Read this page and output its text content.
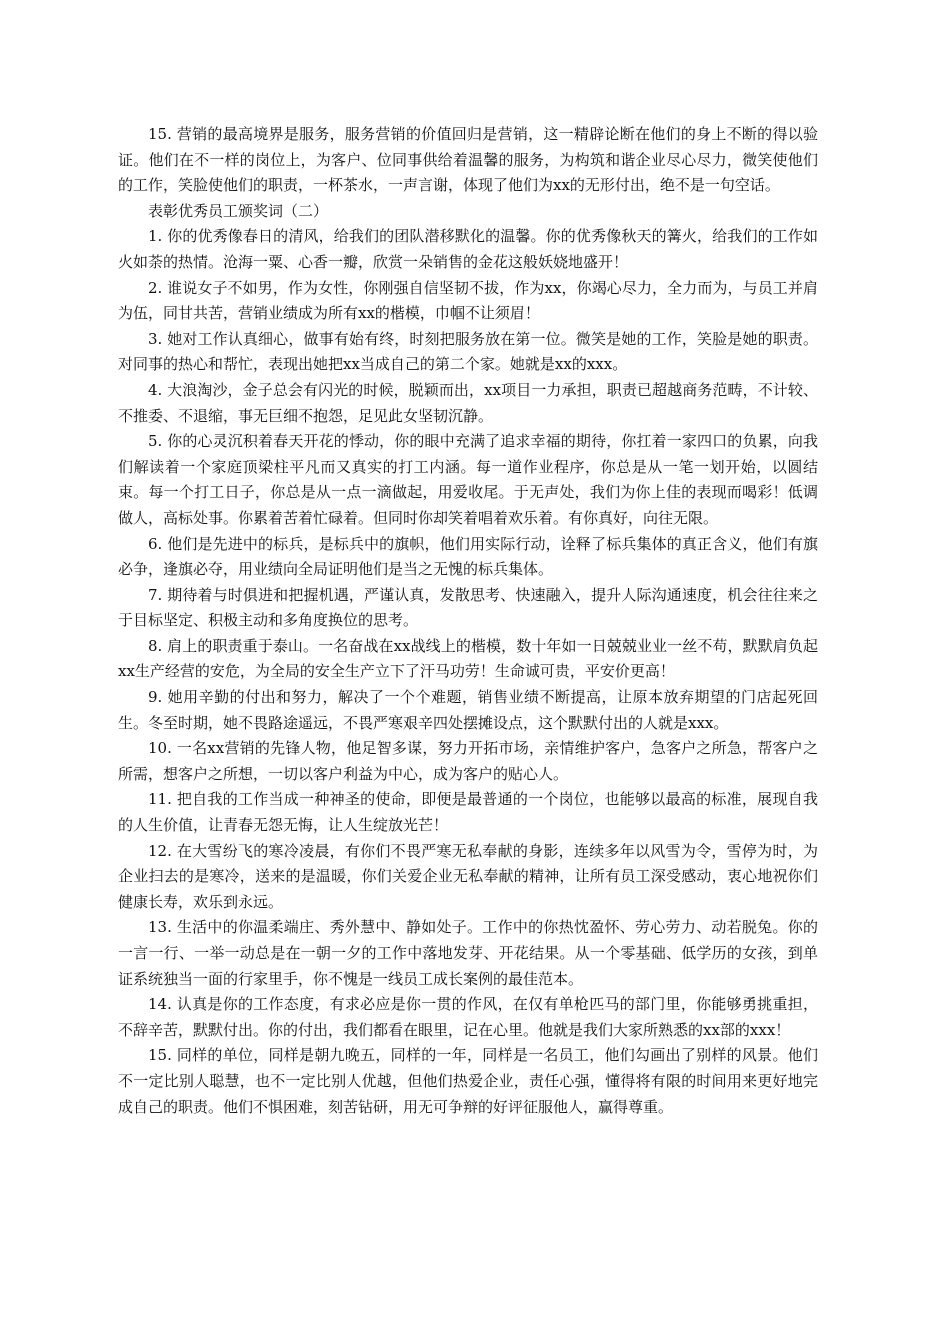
15. 营销的最高境界是服务，服务营销的价值回归是营销，这一精辟论断在他们的身上不断的得以验证。他们在不一样的岗位上，为客户、位同事供给着温馨的服务，为构筑和谐企业尽心尽力，微笑使他们的工作，笑脸使他们的职责，一杯茶水，一声言谢，体现了他们为xx的无形付出，绝不是一句空话。

表彰优秀员工颁奖词（二）

1. 你的优秀像春日的清风，给我们的团队潜移默化的温馨。你的优秀像秋天的篝火，给我们的工作如火如荼的热情。沧海一粟、心香一瓣，欣赏一朵销售的金花这般妖娆地盛开！

2. 谁说女子不如男，作为女性，你刚强自信坚韧不拔，作为xx，你竭心尽力，全力而为，与员工并肩为伍，同甘共苦，营销业绩成为所有xx的楷模，巾帼不让须眉！

3. 她对工作认真细心，做事有始有终，时刻把服务放在第一位。微笑是她的工作，笑脸是她的职责。对同事的热心和帮忙，表现出她把xx当成自己的第二个家。她就是xx的xxx。

4. 大浪淘沙，金子总会有闪光的时候，脱颖而出，xx项目一力承担，职责已超越商务范畴，不计较、不推委、不退缩，事无巨细不抱怨，足见此女坚韧沉静。

5. 你的心灵沉积着春天开花的悸动，你的眼中充满了追求幸福的期待，你扛着一家四口的负累，向我们解读着一个家庭顶梁柱平凡而又真实的打工内涵。每一道作业程序，你总是从一笔一划开始，以圆结束。每一个打工日子，你总是从一点一滴做起，用爱收尾。于无声处，我们为你上佳的表现而喝彩！低调做人，高标处事。你累着苦着忙碌着。但同时你却笑着唱着欢乐着。有你真好，向往无限。

6. 他们是先进中的标兵，是标兵中的旗帜，他们用实际行动，诠释了标兵集体的真正含义，他们有旗必争，逢旗必夺，用业绩向全局证明他们是当之无愧的标兵集体。

7. 期待着与时俱进和把握机遇，严谨认真，发散思考、快速融入，提升人际沟通速度，机会往往来之于目标坚定、积极主动和多角度换位的思考。

8. 肩上的职责重于泰山。一名奋战在xx战线上的楷模，数十年如一日兢兢业业一丝不苟，默默肩负起xx生产经营的安危，为全局的安全生产立下了汗马功劳！生命诚可贵，平安价更高！

9. 她用辛勤的付出和努力，解决了一个个难题，销售业绩不断提高，让原本放弃期望的门店起死回生。冬至时期，她不畏路途遥远，不畏严寒艰辛四处摆摊设点，这个默默付出的人就是xxx。

10. 一名xx营销的先锋人物，他足智多谋，努力开拓市场，亲情维护客户，急客户之所急，帮客户之所需，想客户之所想，一切以客户利益为中心，成为客户的贴心人。

11. 把自我的工作当成一种神圣的使命，即便是最普通的一个岗位，也能够以最高的标准，展现自我的人生价值，让青春无怨无悔，让人生绽放光芒！

12. 在大雪纷飞的寒冷凌晨，有你们不畏严寒无私奉献的身影，连续多年以风雪为令，雪停为时，为企业扫去的是寒冷，送来的是温暖，你们关爱企业无私奉献的精神，让所有员工深受感动，衷心地祝你们健康长寿，欢乐到永远。

13. 生活中的你温柔端庄、秀外慧中、静如处子。工作中的你热忱盈怀、劳心劳力、动若脱兔。你的一言一行、一举一动总是在一朝一夕的工作中落地发芽、开花结果。从一个零基础、低学历的女孩，到单证系统独当一面的行家里手，你不愧是一线员工成长案例的最佳范本。

14. 认真是你的工作态度，有求必应是你一贯的作风，在仅有单枪匹马的部门里，你能够勇挑重担，不辞辛苦，默默付出。你的付出，我们都看在眼里，记在心里。他就是我们大家所熟悉的xx部的xxx！

15. 同样的单位，同样是朝九晚五，同样的一年，同样是一名员工，他们勾画出了别样的风景。他们不一定比别人聪慧，也不一定比别人优越，但他们热爱企业，责任心强，懂得将有限的时间用来更好地完成自己的职责。他们不惧困难，刻苦钻研，用无可争辩的好评征服他人，赢得尊重。
